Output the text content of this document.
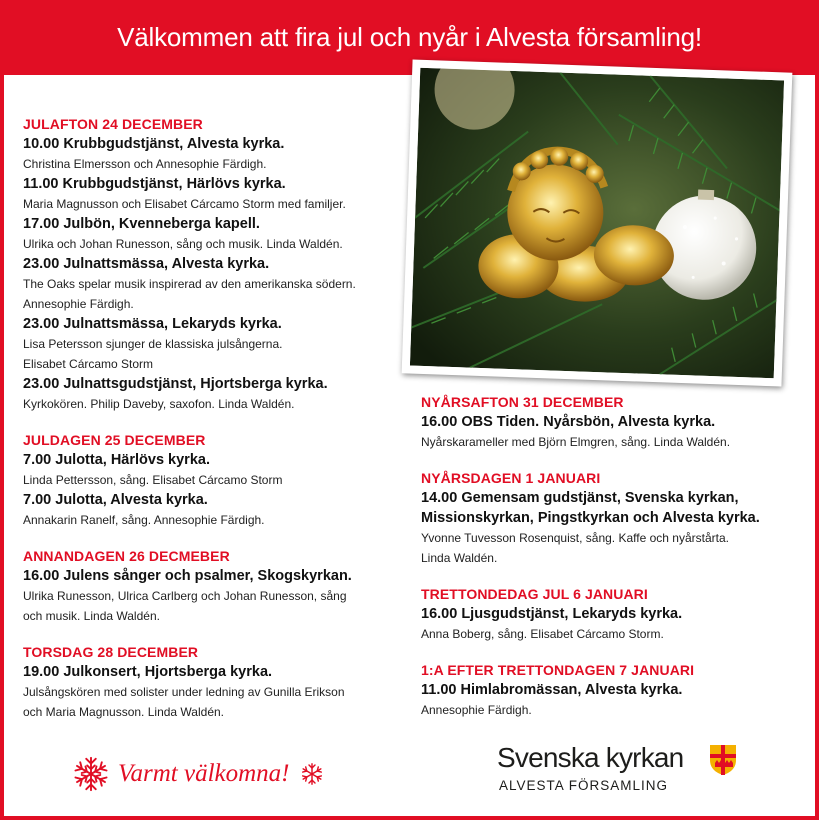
Välkommen att fira jul och nyår i Alvesta församling!
JULAFTON 24 DECEMBER
10.00 Krubbgudstjänst, Alvesta kyrka.
Christina Elmersson och Annesophie Färdigh.
11.00 Krubbgudstjänst, Härlövs kyrka.
Maria Magnusson och Elisabet Cárcamo Storm med familjer.
17.00 Julbön, Kvenneberga kapell.
Ulrika och Johan Runesson, sång och musik. Linda Waldén.
23.00 Julnattsmässa, Alvesta kyrka.
The Oaks spelar musik inspirerad av den amerikanska södern.
Annesophie Färdigh.
23.00 Julnattsmässa, Lekaryds kyrka.
Lisa Petersson sjunger de klassiska julsångerna.
Elisabet Cárcamo Storm
23.00 Julnattsgudstjänst, Hjortsberga kyrka.
Kyrkokören. Philip Daveby, saxofon. Linda Waldén.
JULDAGEN 25 DECEMBER
7.00 Julotta, Härlövs kyrka.
Linda Pettersson, sång. Elisabet Cárcamo Storm
7.00 Julotta, Alvesta kyrka.
Annakarin Ranelf, sång. Annesophie Färdigh.
ANNANDAGEN 26 DECMEBER
16.00 Julens sånger och psalmer, Skogskyrkan.
Ulrika Runesson, Ulrica Carlberg och Johan Runesson, sång
och musik. Linda Waldén.
TORSDAG 28 DECEMBER
19.00 Julkonsert, Hjortsberga kyrka.
Julsångskören med solister under ledning av Gunilla Erikson
och Maria Magnusson. Linda Waldén.
NYÅRSAFTON 31 DECEMBER
16.00 OBS Tiden. Nyårsbön, Alvesta kyrka.
Nyårskarameller med Björn Elmgren, sång. Linda Waldén.
NYÅRSDAGEN 1 JANUARI
14.00 Gemensam gudstjänst, Svenska kyrkan,
Missionskyrkan, Pingstkyrkan och Alvesta kyrka.
Yvonne Tuvesson Rosenquist, sång. Kaffe och nyårstårta.
Linda Waldén.
TRETTONDEDAG JUL 6 JANUARI
16.00 Ljusgudstjänst, Lekaryds kyrka.
Anna Boberg, sång. Elisabet Cárcamo Storm.
1:A EFTER TRETTONDAGEN 7 JANUARI
11.00 Himlabromässan, Alvesta kyrka.
Annesophie Färdigh.
Varmt välkomna!
Svenska kyrkan
ALVESTA FÖRSAMLING
